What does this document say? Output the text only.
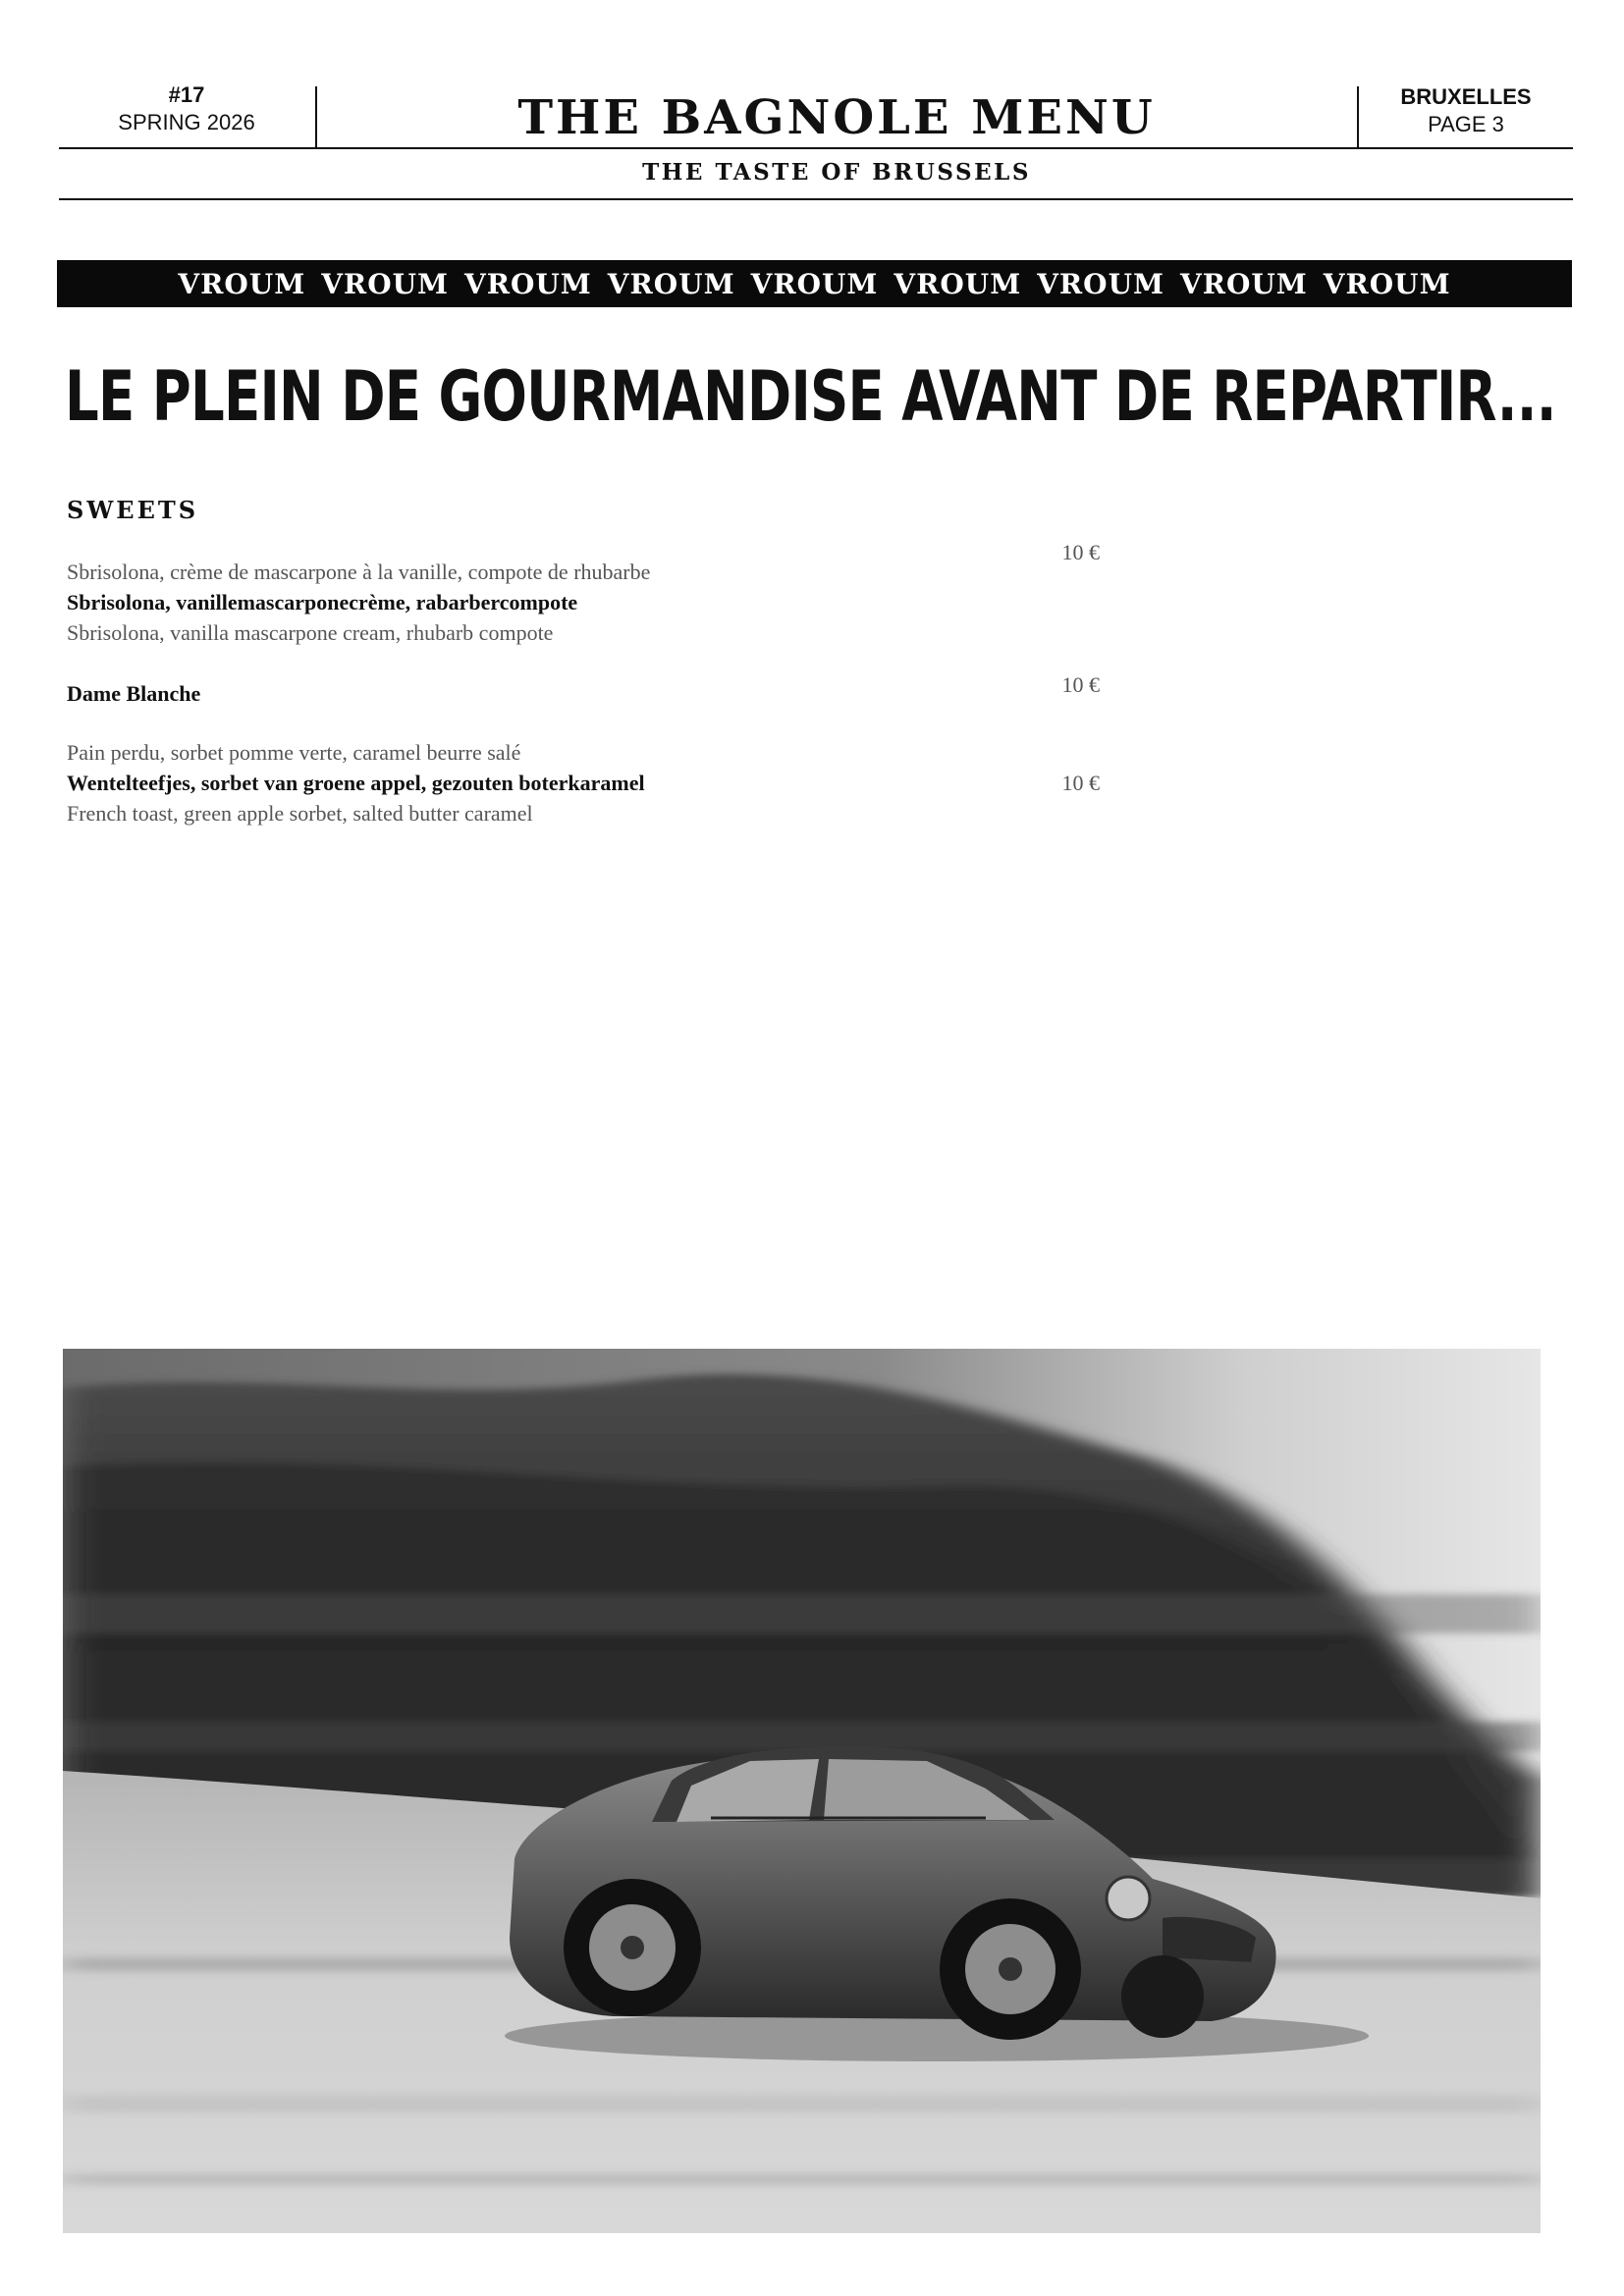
#17
SPRING 2026	THE BAGNOLE MENU	BRUXELLES
PAGE 3
THE TASTE OF BRUSSELS
VROUM VROUM VROUM VROUM VROUM VROUM VROUM VROUM VROUM
LE PLEIN DE GOURMANDISE AVANT DE REPARTIR...
SWEETS
10 €
Sbrisolona, crème de mascarpone à la vanille, compote de rhubarbe
Sbrisolona, vanillemascarponecrème, rabarbercompote
Sbrisolona, vanilla mascarpone cream, rhubarb compote
10 €
Dame Blanche
Pain perdu, sorbet pomme verte, caramel beurre salé
10 €
Wentelteefjes, sorbet van groene appel, gezouten boterkaramel
French toast, green apple sorbet, salted butter caramel
